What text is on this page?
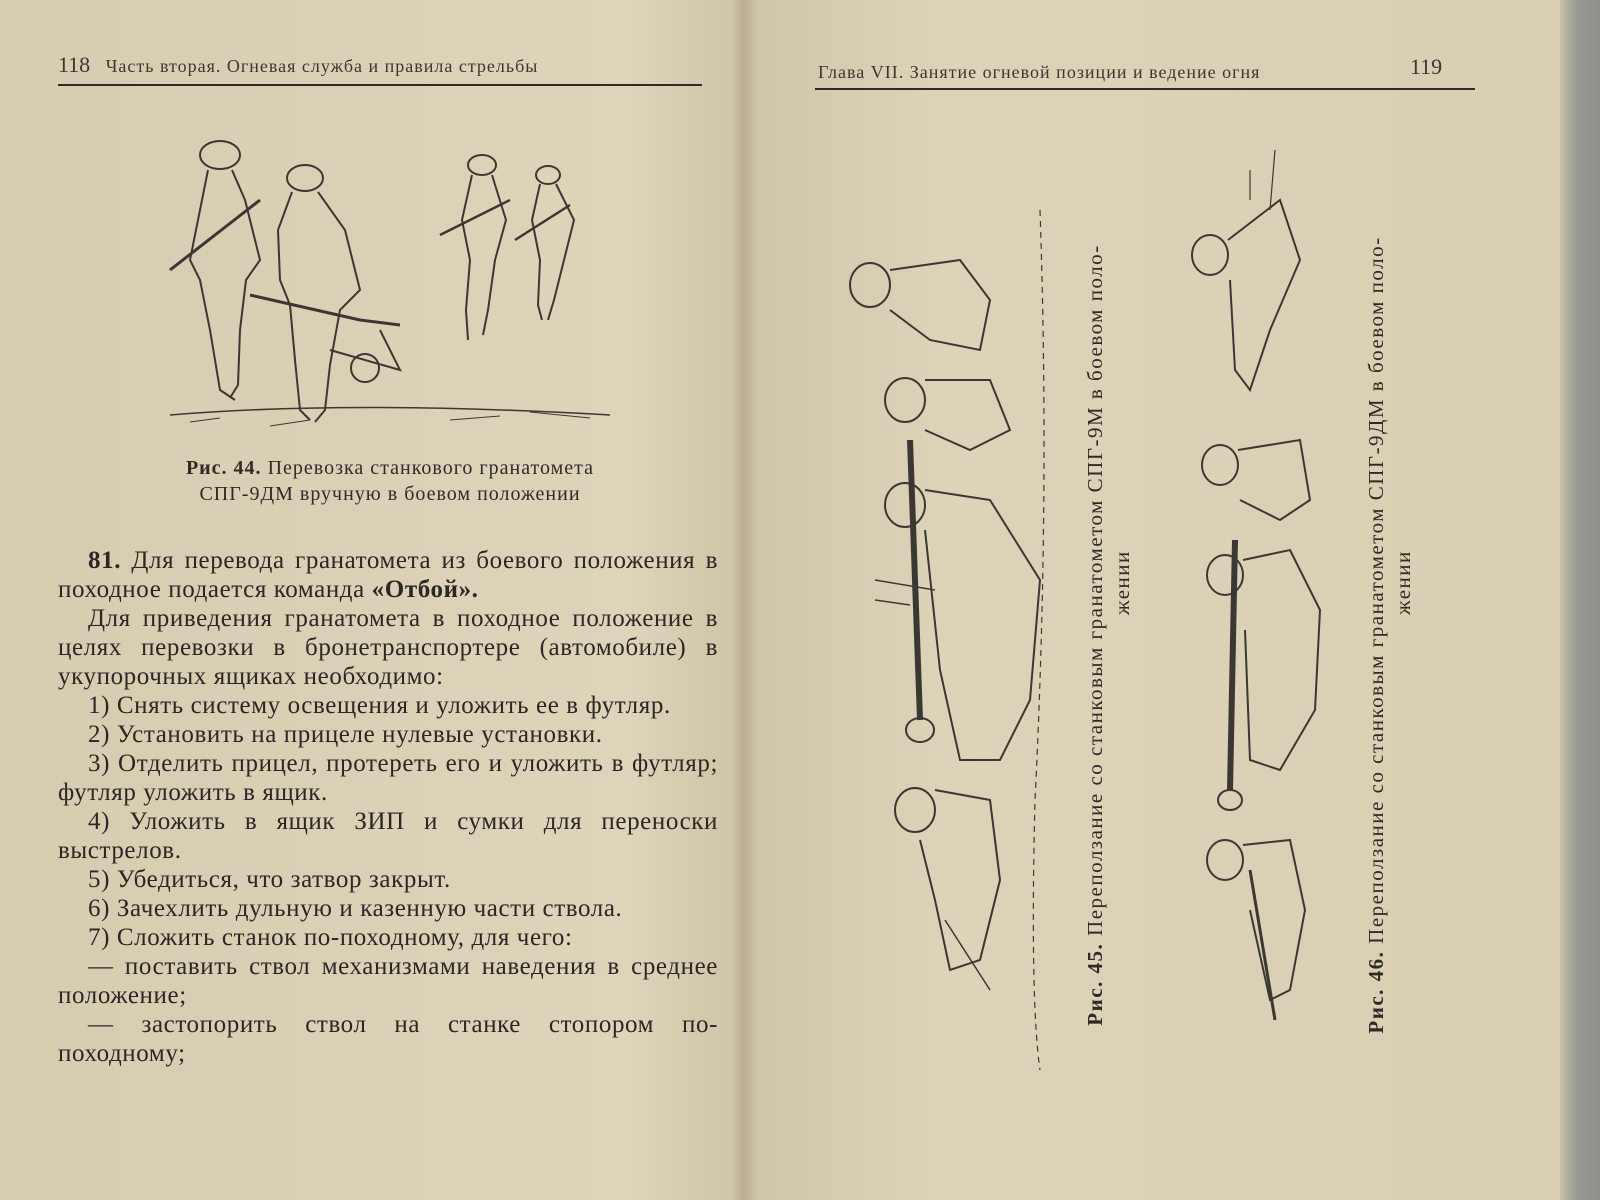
118 Часть вторая. Огневая служба и правила стрельбы
Рис. 44. Перевозка станкового гранатомета
СПГ-9ДМ вручную в боевом положении

81. Для перевода гранатомета из боевого положения в походное подается команда «Отбой».

Для приведения гранатомета в походное положение в целях перевозки в бронетранспортере (автомобиле) в укупорочных ящиках необходимо:

1) Снять систему освещения и уложить ее в футляр.

2) Установить на прицеле нулевые установки.

3) Отделить прицел, протереть его и уложить в футляр; футляр уложить в ящик.

4) Уложить в ящик ЗИП и сумки для переноски выстрелов.

5) Убедиться, что затвор закрыт.

6) Зачехлить дульную и казенную части ствола.

7) Сложить станок по-походному, для чего:

— поставить ствол механизмами наведения в среднее положение;

— застопорить ствол на станке стопором по-походному;

Глава VII. Занятие огневой позиции и ведение огня	119
Рис. 45. Переползание со станковым гранатометом СПГ-9М в боевом поло- жении
Рис. 46. Переползание со станковым гранатометом СПГ-9ДМ в боевом поло- жении
